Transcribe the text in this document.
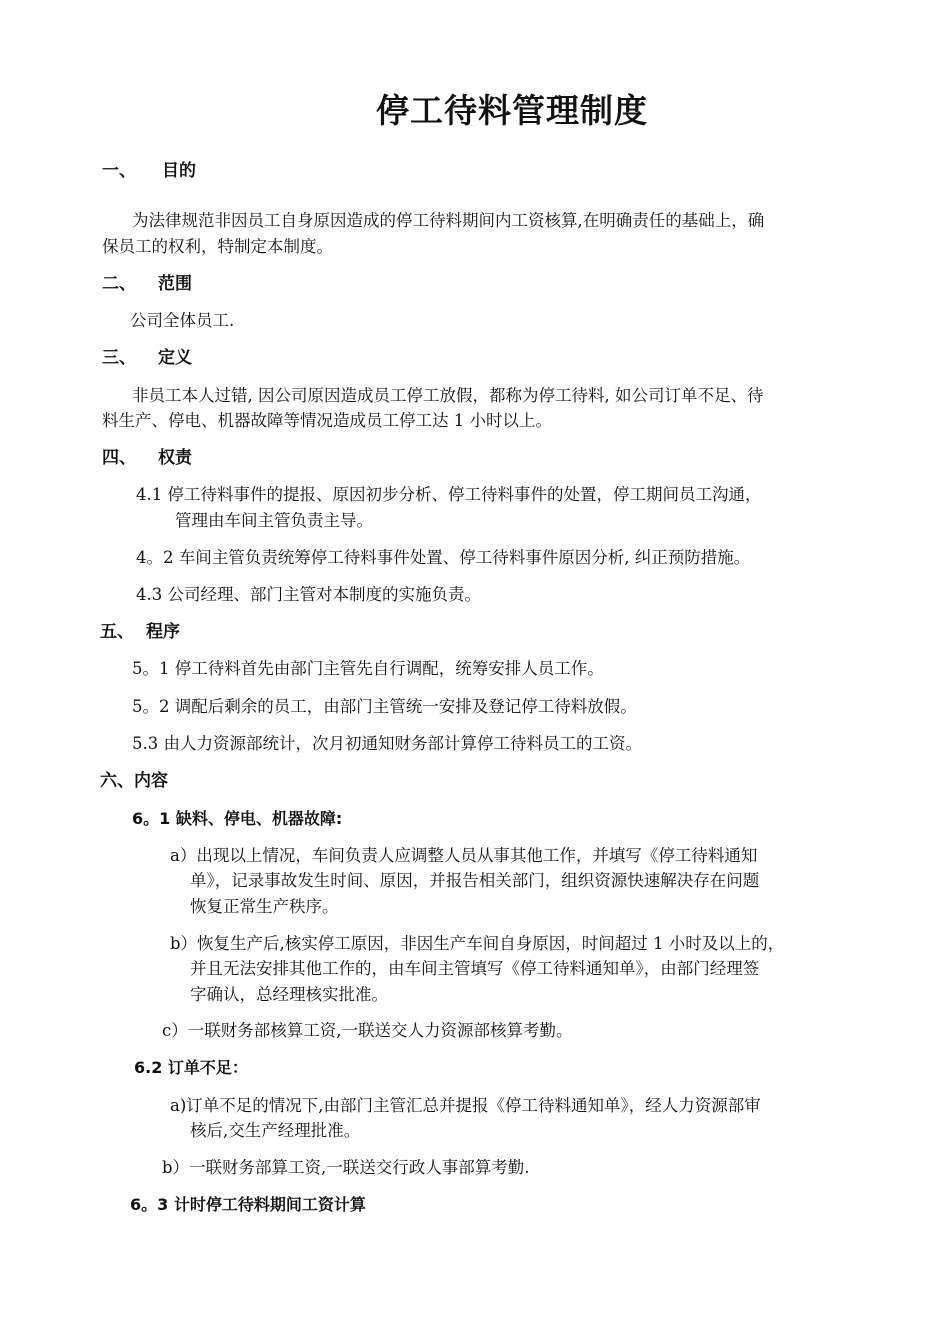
停工待料管理制度
一、 目的
为法律规范非因员工自身原因造成的停工待料期间内工资核算,在明确责任的基础上，确
保员工的权利，特制定本制度。
二、 范围
公司全体员工.
三、 定义
非员工本人过错, 因公司原因造成员工停工放假，都称为停工待料, 如公司订单不足、待
料生产、停电、机器故障等情况造成员工停工达 1 小时以上。
四、 权责
4.1 停工待料事件的提报、原因初步分析、停工待料事件的处置，停工期间员工沟通，
管理由车间主管负责主导。
4。2 车间主管负责统筹停工待料事件处置、停工待料事件原因分析, 纠正预防措施。
4.3 公司经理、部门主管对本制度的实施负责。
五、 程序
5。1 停工待料首先由部门主管先自行调配，统筹安排人员工作。
5。2 调配后剩余的员工，由部门主管统一安排及登记停工待料放假。
5.3 由人力资源部统计，次月初通知财务部计算停工待料员工的工资。
六、内容
6。1 缺料、停电、机器故障:
a）出现以上情况，车间负责人应调整人员从事其他工作，并填写《停工待料通知
单》，记录事故发生时间、原因，并报告相关部门，组织资源快速解决存在问题
恢复正常生产秩序。
b）恢复生产后,核实停工原因，非因生产车间自身原因，时间超过 1 小时及以上的，
并且无法安排其他工作的，由车间主管填写《停工待料通知单》，由部门经理签
字确认，总经理核实批准。
c）一联财务部核算工资,一联送交人力资源部核算考勤。
6.2 订单不足：
a)订单不足的情况下,由部门主管汇总并提报《停工待料通知单》，经人力资源部审
核后,交生产经理批准。
b）一联财务部算工资,一联送交行政人事部算考勤.
6。3 计时停工待料期间工资计算
